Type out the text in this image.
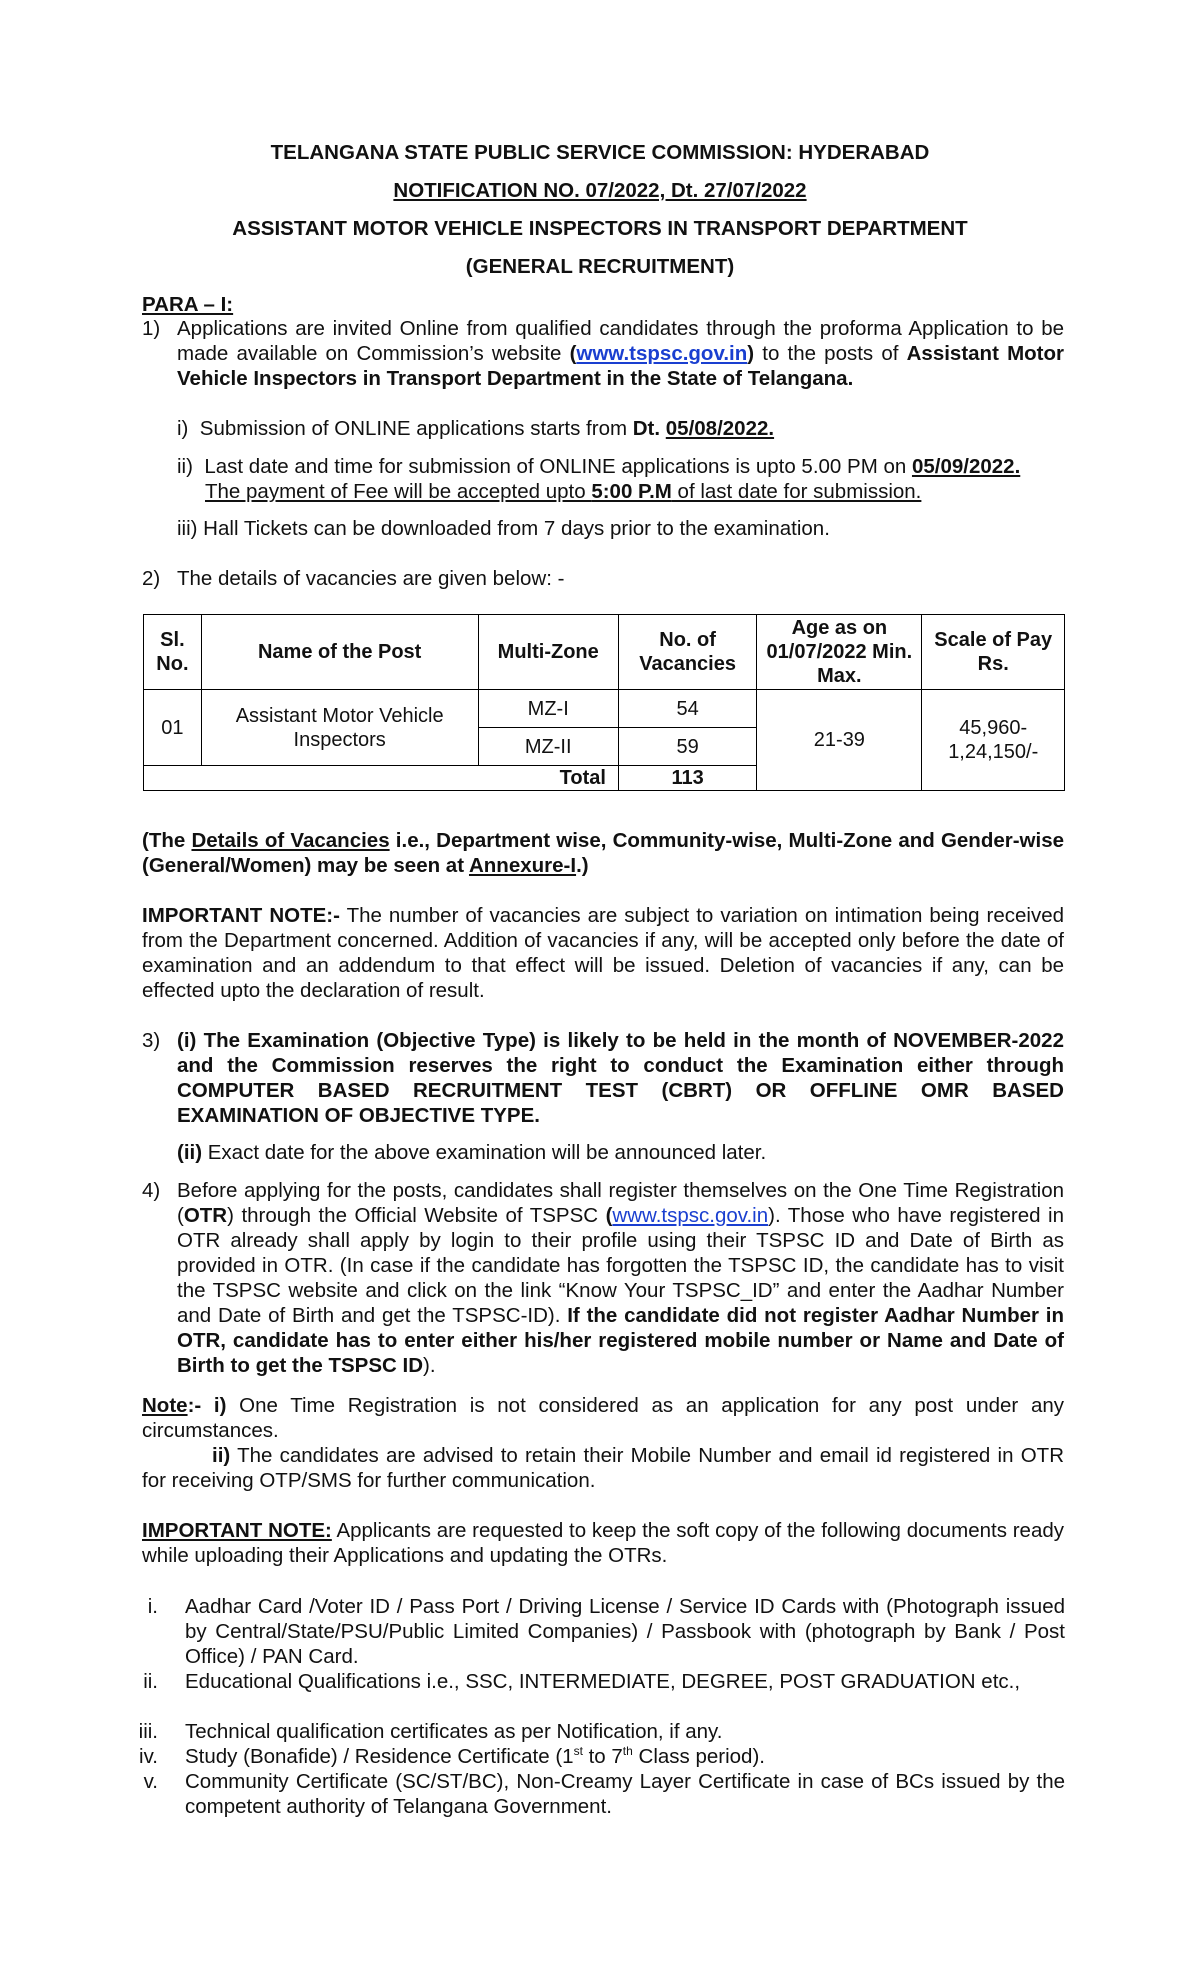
TELANGANA STATE PUBLIC SERVICE COMMISSION: HYDERABAD
NOTIFICATION NO. 07/2022, Dt. 27/07/2022
ASSISTANT MOTOR VEHICLE INSPECTORS IN TRANSPORT DEPARTMENT
(GENERAL RECRUITMENT)
PARA – I:
1) Applications are invited Online from qualified candidates through the proforma Application to be made available on Commission’s website (www.tspsc.gov.in) to the posts of Assistant Motor Vehicle Inspectors in Transport Department in the State of Telangana.
i) Submission of ONLINE applications starts from Dt. 05/08/2022.
ii) Last date and time for submission of ONLINE applications is upto 5.00 PM on 05/09/2022.
The payment of Fee will be accepted upto 5:00 P.M of last date for submission.
iii) Hall Tickets can be downloaded from 7 days prior to the examination.
2) The details of vacancies are given below: -
Sl. No.	Name of the Post	Multi-Zone	No. of Vacancies	Age as on 01/07/2022 Min. Max.	Scale of Pay Rs.
01	Assistant Motor Vehicle Inspectors	MZ-I	54	21-39	45,960- 1,24,150/-
		MZ-II	59		
Total			113		
(The Details of Vacancies i.e., Department wise, Community-wise, Multi-Zone and Gender-wise (General/Women) may be seen at Annexure-I.)
IMPORTANT NOTE:- The number of vacancies are subject to variation on intimation being received from the Department concerned. Addition of vacancies if any, will be accepted only before the date of examination and an addendum to that effect will be issued. Deletion of vacancies if any, can be effected upto the declaration of result.
3) (i) The Examination (Objective Type) is likely to be held in the month of NOVEMBER-2022 and the Commission reserves the right to conduct the Examination either through COMPUTER BASED RECRUITMENT TEST (CBRT) OR OFFLINE OMR BASED EXAMINATION OF OBJECTIVE TYPE.
(ii) Exact date for the above examination will be announced later.
4) Before applying for the posts, candidates shall register themselves on the One Time Registration (OTR) through the Official Website of TSPSC (www.tspsc.gov.in). Those who have registered in OTR already shall apply by login to their profile using their TSPSC ID and Date of Birth as provided in OTR. (In case if the candidate has forgotten the TSPSC ID, the candidate has to visit the TSPSC website and click on the link “Know Your TSPSC_ID” and enter the Aadhar Number and Date of Birth and get the TSPSC-ID). If the candidate did not register Aadhar Number in OTR, candidate has to enter either his/her registered mobile number or Name and Date of Birth to get the TSPSC ID).
Note:- i) One Time Registration is not considered as an application for any post under any circumstances.
ii) The candidates are advised to retain their Mobile Number and email id registered in OTR for receiving OTP/SMS for further communication.
IMPORTANT NOTE: Applicants are requested to keep the soft copy of the following documents ready while uploading their Applications and updating the OTRs.
i. Aadhar Card /Voter ID / Pass Port / Driving License / Service ID Cards with (Photograph issued by Central/State/PSU/Public Limited Companies) / Passbook with (photograph by Bank / Post Office) / PAN Card.
ii. Educational Qualifications i.e., SSC, INTERMEDIATE, DEGREE, POST GRADUATION etc.,
iii. Technical qualification certificates as per Notification, if any.
iv. Study (Bonafide) / Residence Certificate (1st to 7th Class period).
v. Community Certificate (SC/ST/BC), Non-Creamy Layer Certificate in case of BCs issued by the competent authority of Telangana Government.
